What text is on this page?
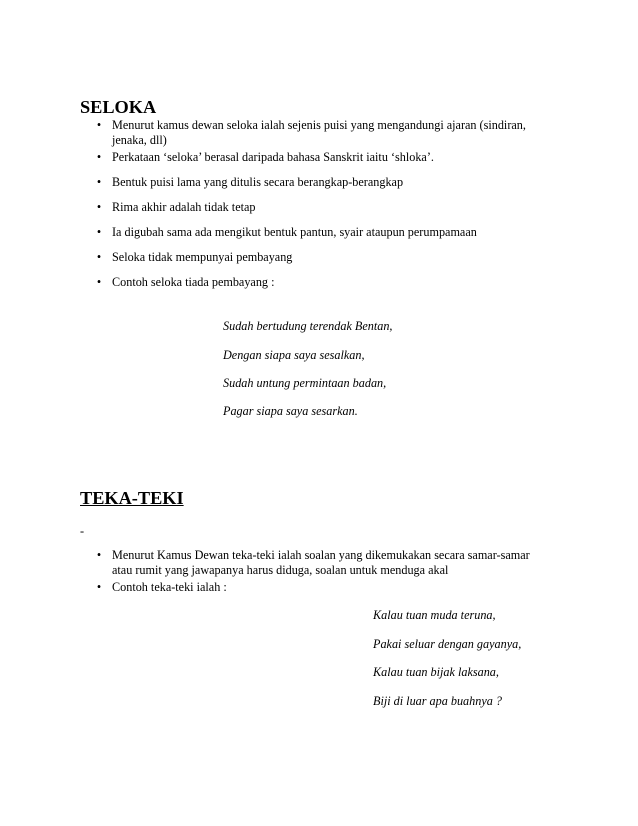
SELOKA
• Menurut kamus dewan seloka ialah sejenis puisi yang mengandungi ajaran (sindiran, jenaka, dll)
• Perkataan ‘seloka’ berasal daripada bahasa Sanskrit iaitu ‘shloka’.
• Bentuk puisi lama yang ditulis secara berangkap-berangkap
• Rima akhir adalah tidak tetap
• Ia digubah sama ada mengikut bentuk pantun, syair ataupun perumpamaan
• Seloka tidak mempunyai pembayang
• Contoh seloka tiada pembayang :
Sudah bertudung terendak Bentan,
Dengan siapa saya sesalkan,
Sudah untung permintaan badan,
Pagar siapa saya sesarkan.
TEKA-TEKI
-
• Menurut Kamus Dewan teka-teki ialah soalan yang dikemukakan secara samar-samar atau rumit yang jawapanya harus diduga, soalan untuk menduga akal
• Contoh teka-teki ialah :
Kalau tuan muda teruna,
Pakai seluar dengan gayanya,
Kalau tuan bijak laksana,
Biji di luar apa buahnya ?
